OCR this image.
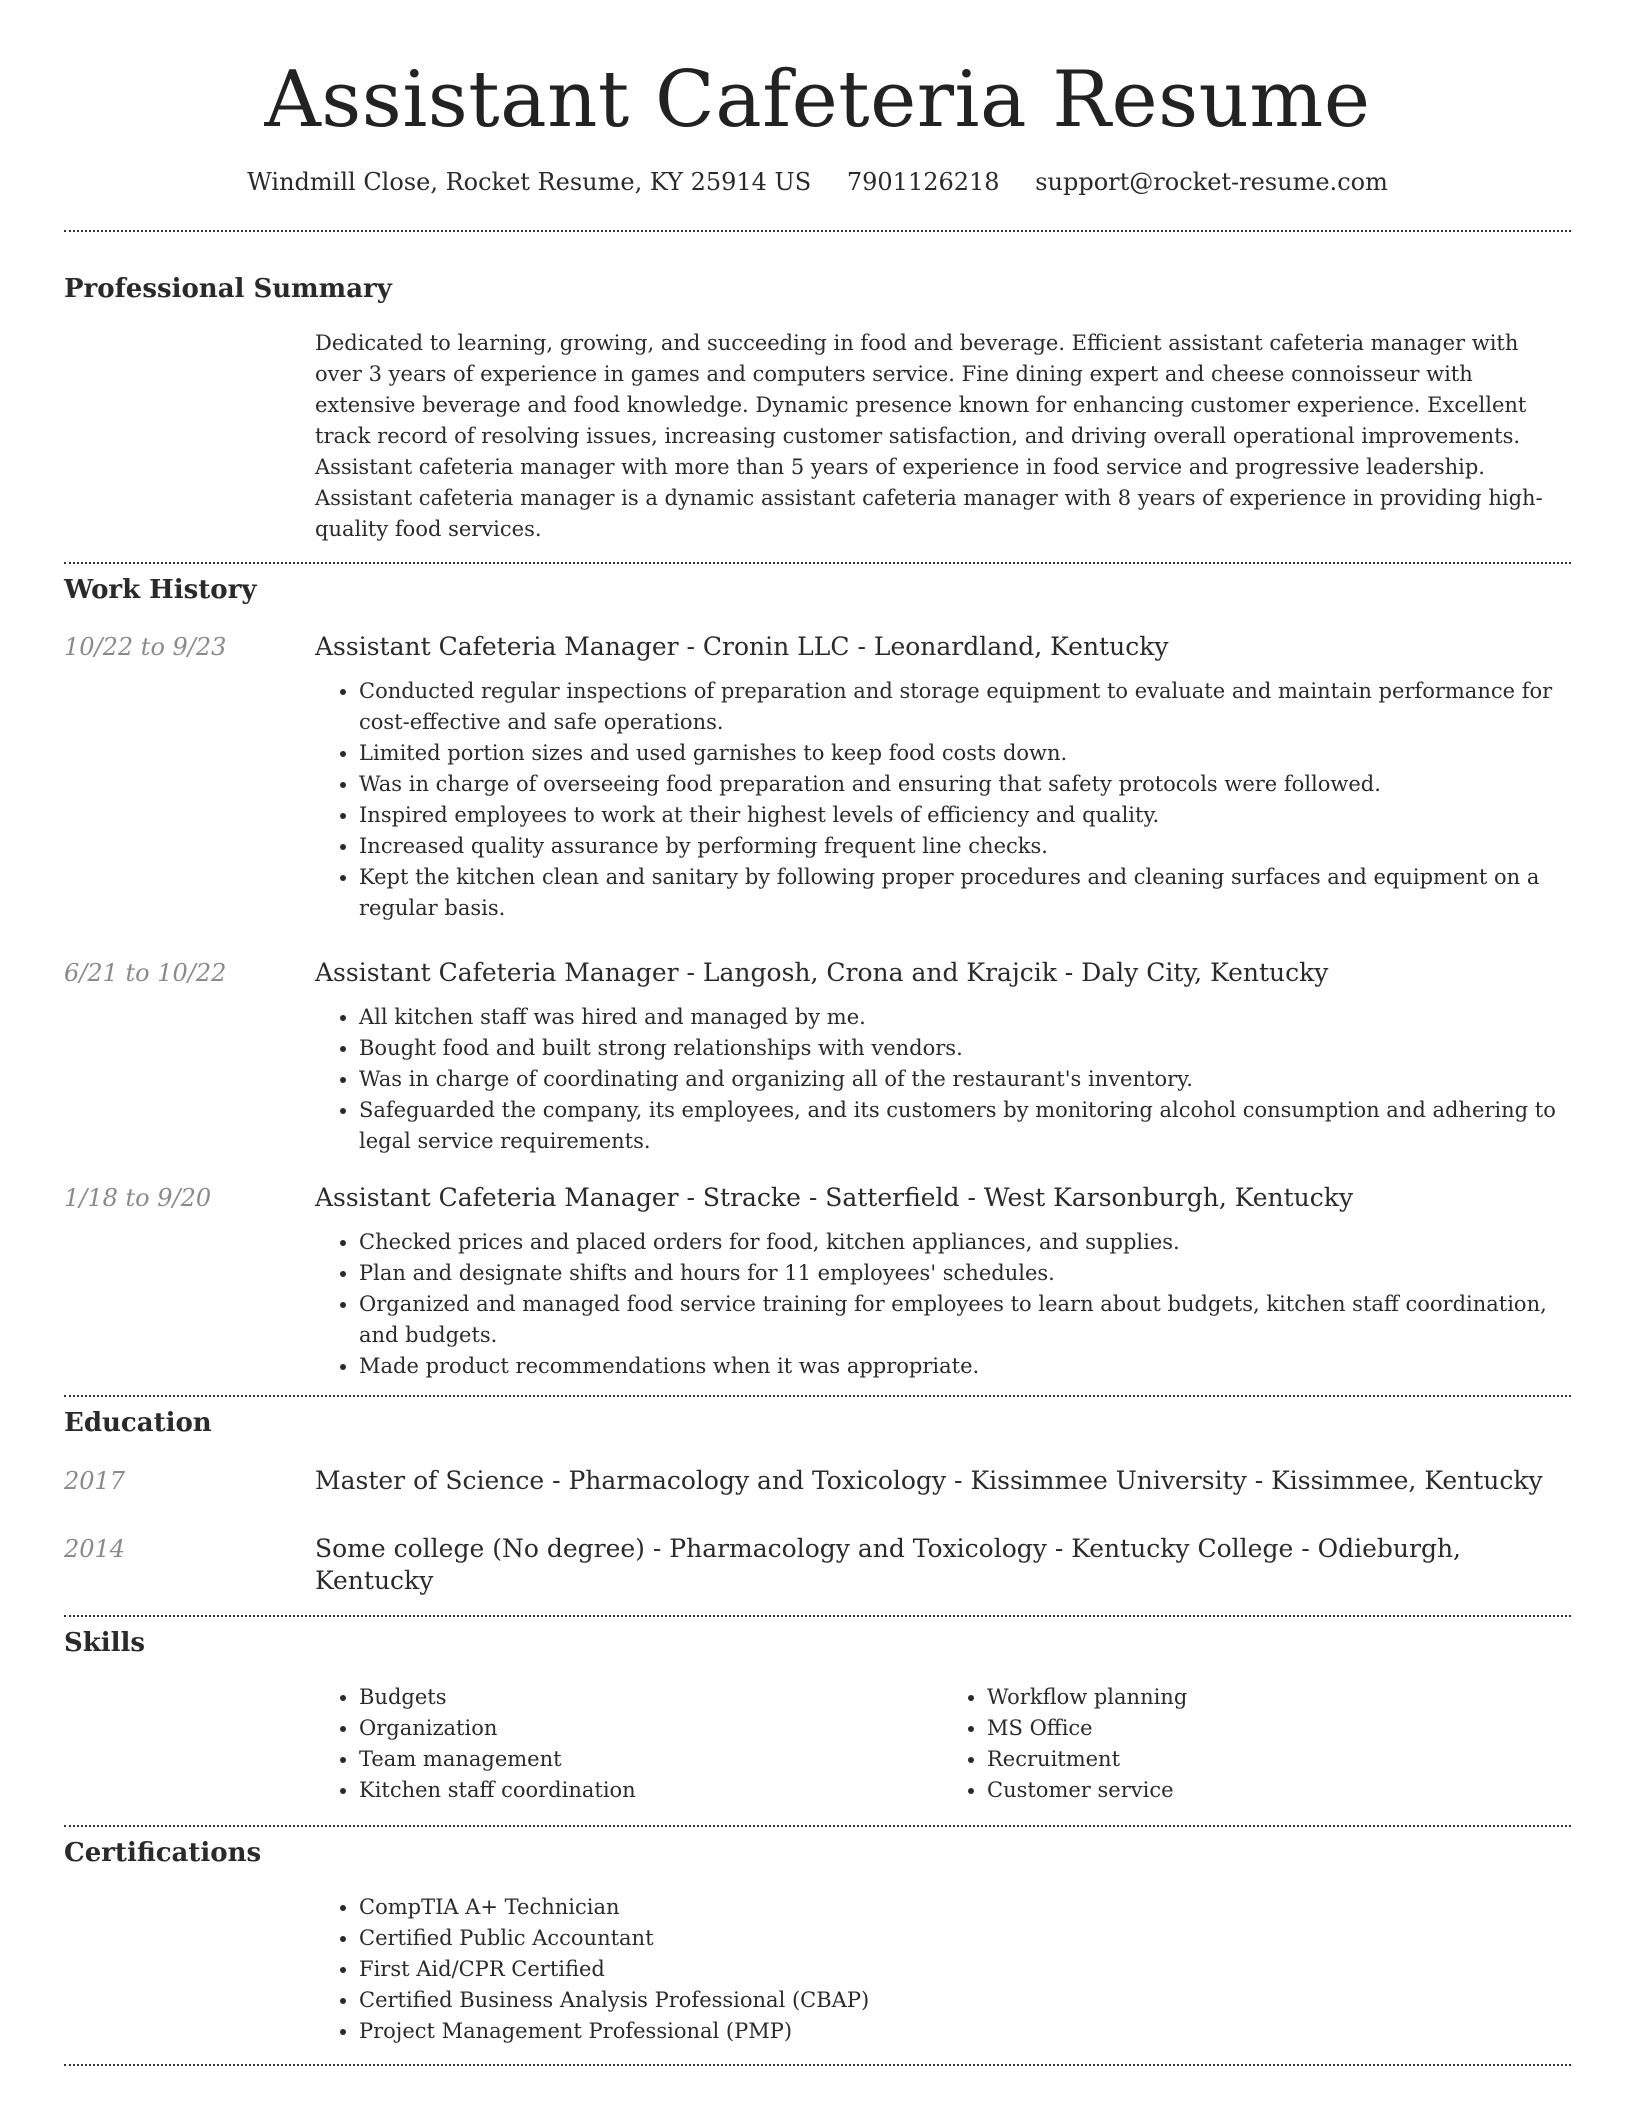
Assistant Cafeteria Resume
Windmill Close, Rocket Resume, KY 25914 US 7901126218 support@rocket-resume.com
Professional Summary
Dedicated to learning, growing, and succeeding in food and beverage. Efficient assistant cafeteria manager with over 3 years of experience in games and computers service. Fine dining expert and cheese connoisseur with extensive beverage and food knowledge. Dynamic presence known for enhancing customer experience. Excellent track record of resolving issues, increasing customer satisfaction, and driving overall operational improvements. Assistant cafeteria manager with more than 5 years of experience in food service and progressive leadership. Assistant cafeteria manager is a dynamic assistant cafeteria manager with 8 years of experience in providing high-quality food services.
Work History
10/22 to 9/23	Assistant Cafeteria Manager - Cronin LLC - Leonardland, Kentucky
• Conducted regular inspections of preparation and storage equipment to evaluate and maintain performance for cost-effective and safe operations.
• Limited portion sizes and used garnishes to keep food costs down.
• Was in charge of overseeing food preparation and ensuring that safety protocols were followed.
• Inspired employees to work at their highest levels of efficiency and quality.
• Increased quality assurance by performing frequent line checks.
• Kept the kitchen clean and sanitary by following proper procedures and cleaning surfaces and equipment on a regular basis.
6/21 to 10/22	Assistant Cafeteria Manager - Langosh, Crona and Krajcik - Daly City, Kentucky
• All kitchen staff was hired and managed by me.
• Bought food and built strong relationships with vendors.
• Was in charge of coordinating and organizing all of the restaurant's inventory.
• Safeguarded the company, its employees, and its customers by monitoring alcohol consumption and adhering to legal service requirements.
1/18 to 9/20	Assistant Cafeteria Manager - Stracke - Satterfield - West Karsonburgh, Kentucky
• Checked prices and placed orders for food, kitchen appliances, and supplies.
• Plan and designate shifts and hours for 11 employees' schedules.
• Organized and managed food service training for employees to learn about budgets, kitchen staff coordination, and budgets.
• Made product recommendations when it was appropriate.
Education
2017	Master of Science - Pharmacology and Toxicology - Kissimmee University - Kissimmee, Kentucky
2014	Some college (No degree) - Pharmacology and Toxicology - Kentucky College - Odieburgh, Kentucky
Skills
• Budgets
• Organization
• Team management
• Kitchen staff coordination
• Workflow planning
• MS Office
• Recruitment
• Customer service
Certifications
• CompTIA A+ Technician
• Certified Public Accountant
• First Aid/CPR Certified
• Certified Business Analysis Professional (CBAP)
• Project Management Professional (PMP)
